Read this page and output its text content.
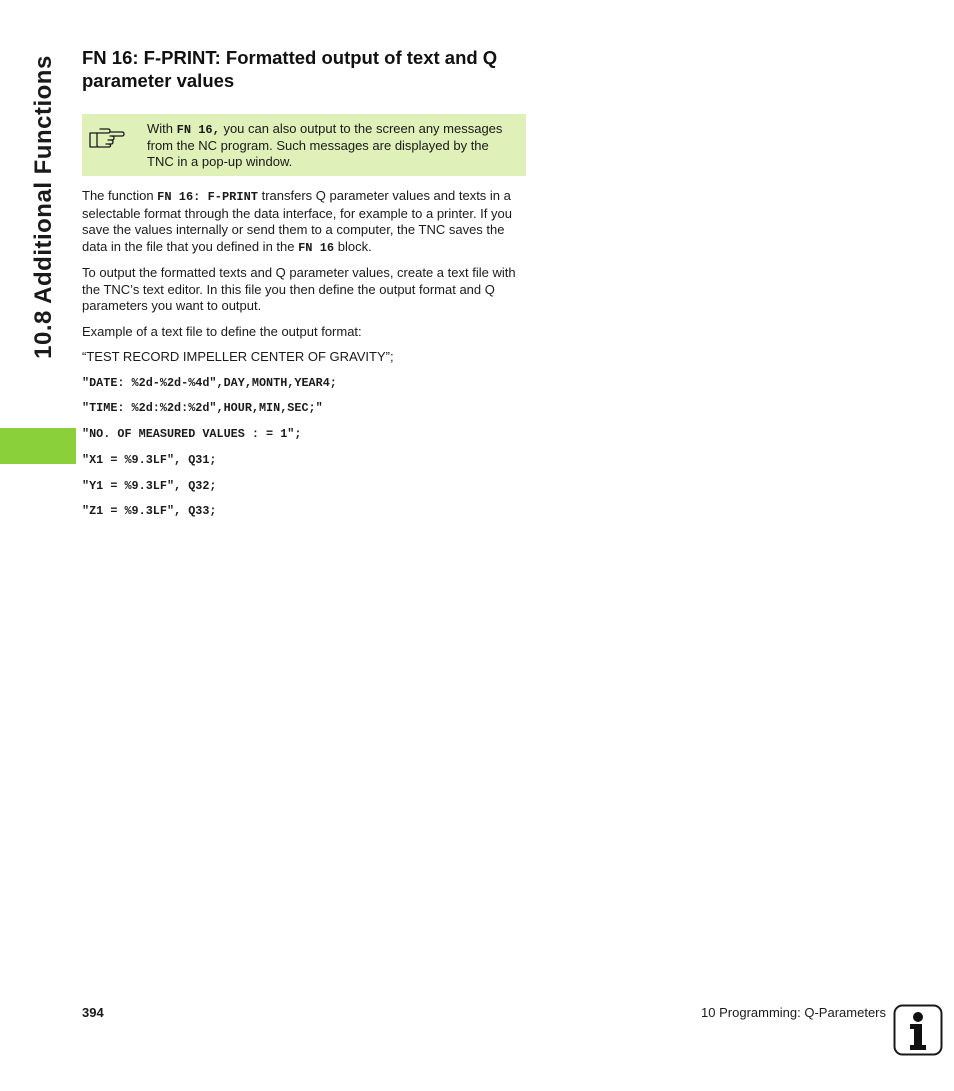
10.8 Additional Functions FN 16: F-PRINT: Formatted output of text and Q parameter values
With FN 16, you can also output to the screen any messages from the NC program. Such messages are displayed by the TNC in a pop-up window.

The function FN 16: F-PRINT transfers Q parameter values and texts in a selectable format through the data interface, for example to a printer. If you save the values internally or send them to a computer, the TNC saves the data in the file that you defined in the FN 16 block.

To output the formatted texts and Q parameter values, create a text file with the TNC’s text editor. In this file you then define the output format and Q parameters you want to output.

Example of a text file to define the output format:

“TEST RECORD IMPELLER CENTER OF GRAVITY”;

"DATE: %2d-%2d-%4d",DAY,MONTH,YEAR4;
"TIME: %2d:%2d:%2d",HOUR,MIN,SEC;"
"NO. OF MEASURED VALUES : = 1";
"X1 = %9.3LF", Q31;
"Y1 = %9.3LF", Q32;
"Z1 = %9.3LF", Q33;
394	10 Programming: Q-Parameters
